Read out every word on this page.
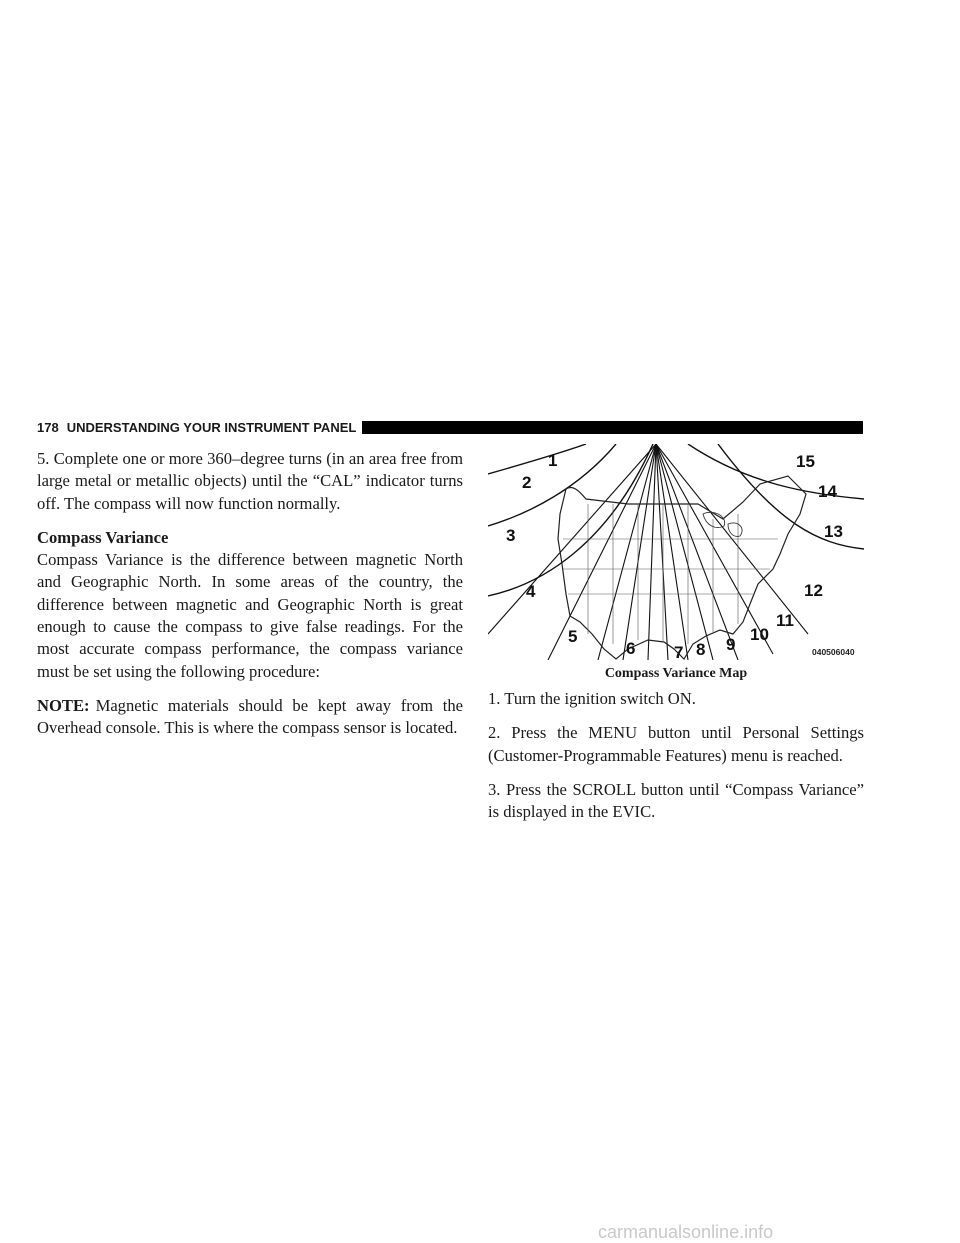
178 UNDERSTANDING YOUR INSTRUMENT PANEL

5. Complete one or more 360–degree turns (in an area free from large metal or metallic objects) until the “CAL” indicator turns off. The compass will now function normally.

Compass Variance

Compass Variance is the difference between magnetic North and Geographic North. In some areas of the country, the difference between magnetic and Geographic North is great enough to cause the compass to give false readings. For the most accurate compass performance, the compass variance must be set using the following procedure:

NOTE: Magnetic materials should be kept away from the Overhead console. This is where the compass sensor is located.

1
2
3
4
5
6 7 8 9
10
11
12
13
14
15
040506040

Compass Variance Map

1. Turn the ignition switch ON.

2. Press the MENU button until Personal Settings (Customer-Programmable Features) menu is reached.

3. Press the SCROLL button until “Compass Variance” is displayed in the EVIC.

carmanualsonline.info
